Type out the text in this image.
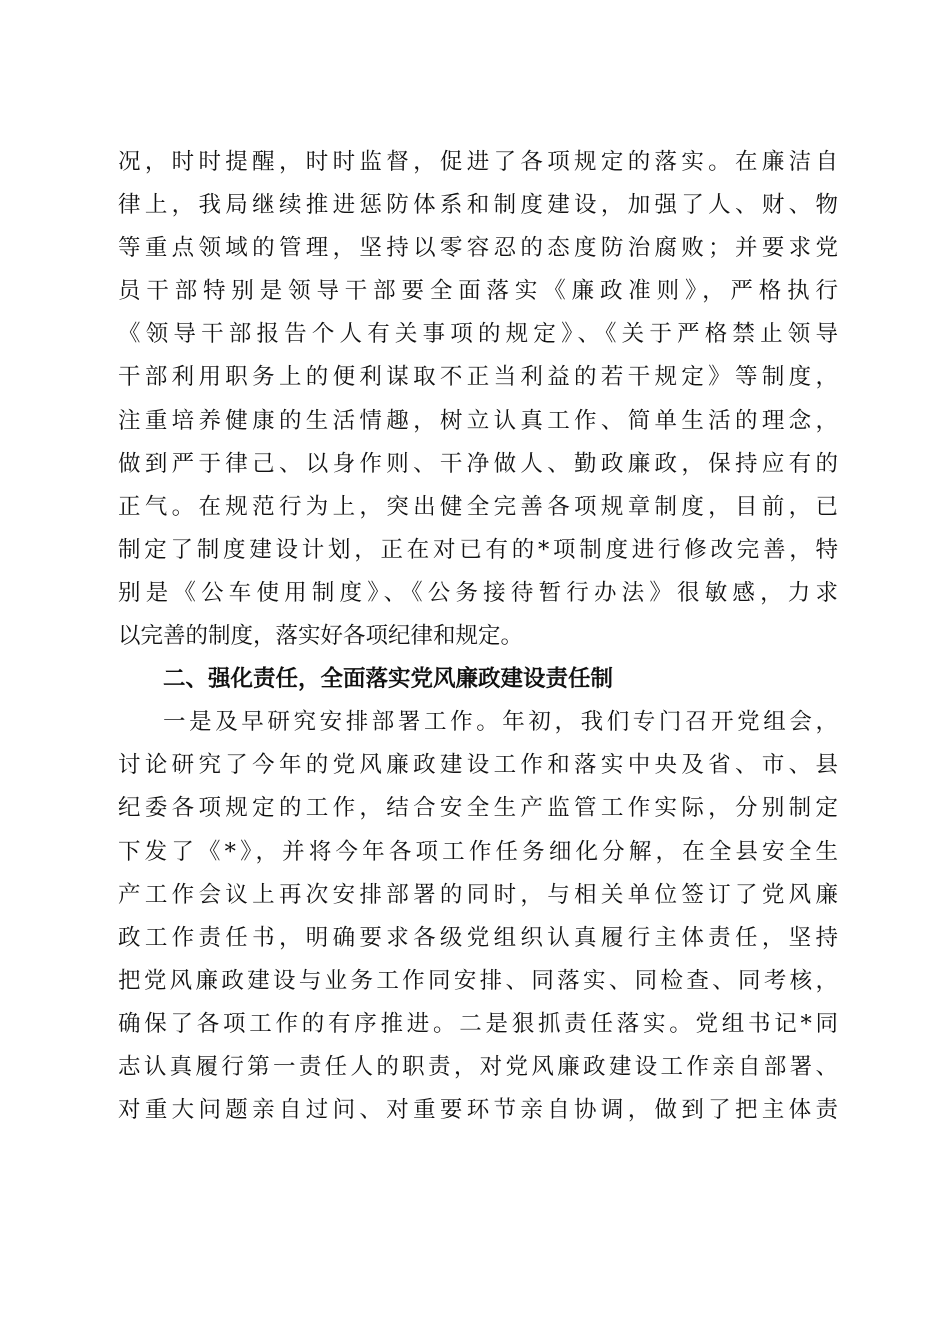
况，时时提醒，时时监督，促进了各项规定的落实。在廉洁自
律上，我局继续推进惩防体系和制度建设，加强了人、财、物
等重点领域的管理，坚持以零容忍的态度防治腐败；并要求党
员干部特别是领导干部要全面落实《廉政准则》，严格执行
《领导干部报告个人有关事项的规定》、《关于严格禁止领导
干部利用职务上的便利谋取不正当利益的若干规定》等制度，
注重培养健康的生活情趣，树立认真工作、简单生活的理念，
做到严于律己、以身作则、干净做人、勤政廉政，保持应有的
正气。在规范行为上，突出健全完善各项规章制度，目前，已
制定了制度建设计划，正在对已有的*项制度进行修改完善，特
别是《公车使用制度》、《公务接待暂行办法》很敏感，力求
以完善的制度，落实好各项纪律和规定。
二、强化责任，全面落实党风廉政建设责任制
一是及早研究安排部署工作。年初，我们专门召开党组会，
讨论研究了今年的党风廉政建设工作和落实中央及省、市、县
纪委各项规定的工作，结合安全生产监管工作实际，分别制定
下发了《*》，并将今年各项工作任务细化分解，在全县安全生
产工作会议上再次安排部署的同时，与相关单位签订了党风廉
政工作责任书，明确要求各级党组织认真履行主体责任，坚持
把党风廉政建设与业务工作同安排、同落实、同检查、同考核，
确保了各项工作的有序推进。二是狠抓责任落实。党组书记*同
志认真履行第一责任人的职责，对党风廉政建设工作亲自部署、
对重大问题亲自过问、对重要环节亲自协调，做到了把主体责
